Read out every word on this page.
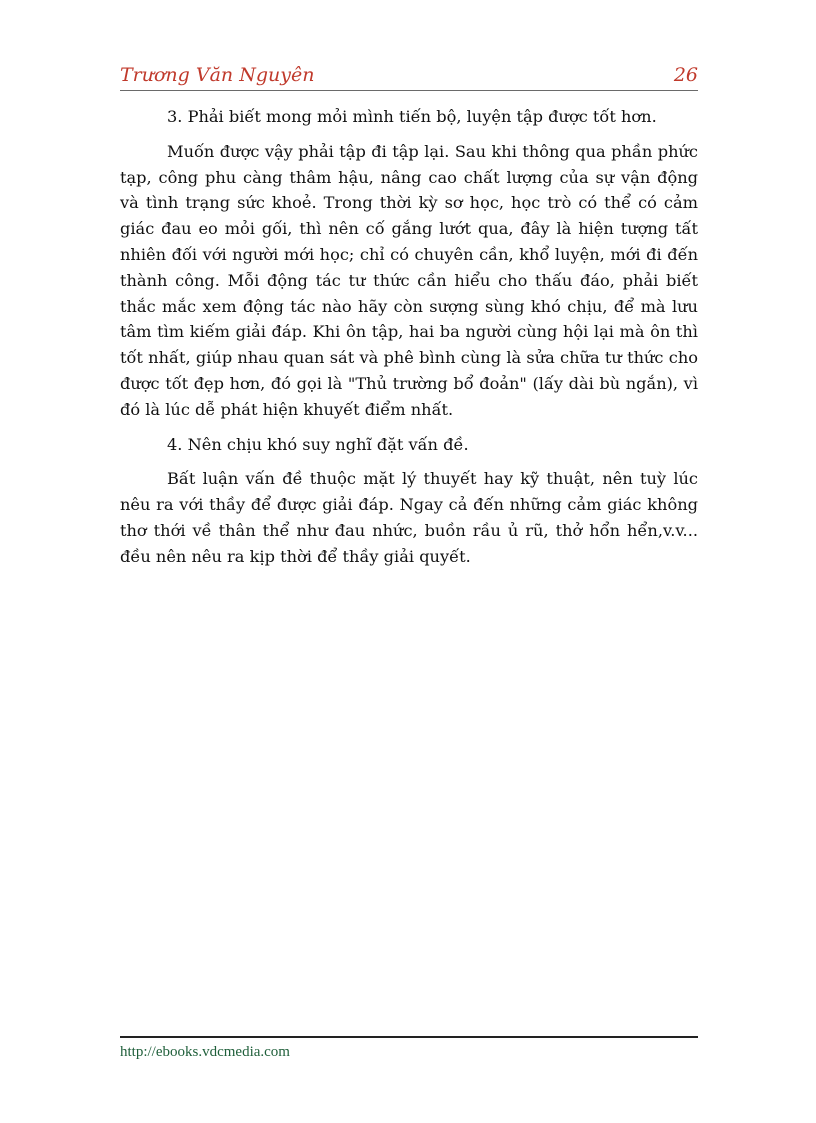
Trương Văn Nguyên	26

3. Phải biết mong mỏi mình tiến bộ, luyện tập được tốt hơn.

Muốn được vậy phải tập đi tập lại. Sau khi thông qua phần phức tạp, công phu càng thâm hậu, nâng cao chất lượng của sự vận động và tình trạng sức khoẻ. Trong thời kỳ sơ học, học trò có thể có cảm giác đau eo mỏi gối, thì nên cố gắng lướt qua, đây là hiện tượng tất nhiên đối với người mới học; chỉ có chuyên cần, khổ luyện, mới đi đến thành công. Mỗi động tác tư thức cần hiểu cho thấu đáo, phải biết thắc mắc xem động tác nào hãy còn sượng sùng khó chịu, để mà lưu tâm tìm kiếm giải đáp. Khi ôn tập, hai ba người cùng hội lại mà ôn thì tốt nhất, giúp nhau quan sát và phê bình cùng là sửa chữa tư thức cho được tốt đẹp hơn, đó gọi là "Thủ trường bổ đoản" (lấy dài bù ngắn), vì đó là lúc dễ phát hiện khuyết điểm nhất.

4. Nên chịu khó suy nghĩ đặt vấn đề.

Bất luận vấn đề thuộc mặt lý thuyết hay kỹ thuật, nên tuỳ lúc nêu ra với thầy để được giải đáp. Ngay cả đến những cảm giác không thơ thới về thân thể như đau nhức, buồn rầu ủ rũ, thở hổn hển,v.v... đều nên nêu ra kịp thời để thầy giải quyết.

http://ebooks.vdcmedia.com
